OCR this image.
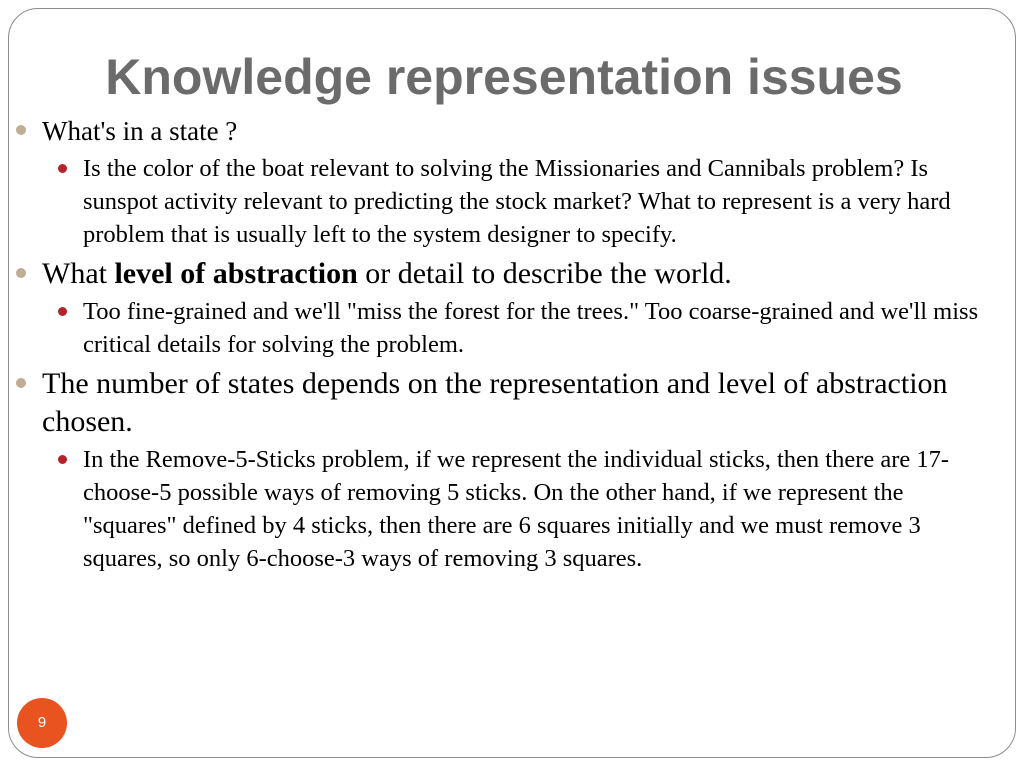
Knowledge representation issues
What's in a state ?
Is the color of the boat relevant to solving the Missionaries and Cannibals problem? Is sunspot activity relevant to predicting the stock market? What to represent is a very hard problem that is usually left to the system designer to specify.
What level of abstraction or detail to describe the world.
Too fine-grained and we'll "miss the forest for the trees." Too coarse-grained and we'll miss critical details for solving the problem.
The number of states depends on the representation and level of abstraction chosen.
In the Remove-5-Sticks problem, if we represent the individual sticks, then there are 17-choose-5 possible ways of removing 5 sticks. On the other hand, if we represent the "squares" defined by 4 sticks, then there are 6 squares initially and we must remove 3 squares, so only 6-choose-3 ways of removing 3 squares.
9
